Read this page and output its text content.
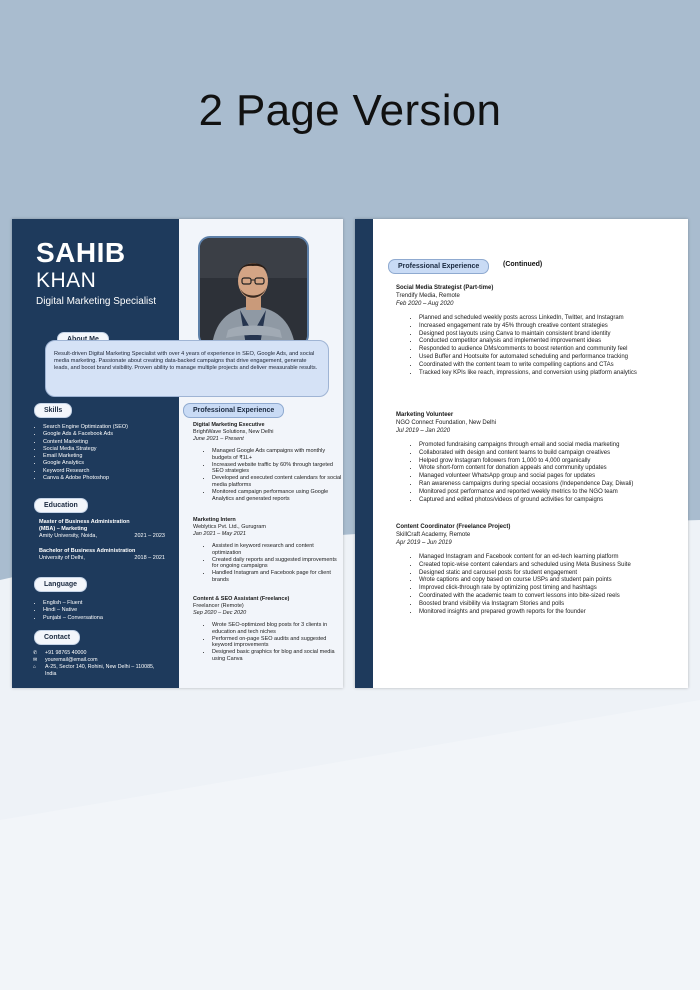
2 Page Version
SAHIB
KHAN
Digital Marketing Specialist

Result-driven Digital Marketing Specialist with over 4 years of experience in SEO, Google Ads, and social media marketing. Passionate about creating data-backed campaigns that drive engagement, generate leads, and boost brand visibility. Proven ability to manage multiple projects and deliver measurable results.

Skills
• Search Engine Optimization (SEO)
• Google Ads & Facebook Ads
• Content Marketing
• Social Media Strategy
• Email Marketing
• Google Analytics
• Keyword Research
• Canva & Adobe Photoshop
Education
Master of Business Administration
(MBA) – Marketing
Amity University, Noida,	2021 – 2023
Bachelor of Business Administration
University of Delhi,	2018 – 2021
Language
• English – Fluent
• Hindi – Native
• Punjabi – Conversationa
Contact
✆	+91 98765 40000
✉	youremail@email.com
⌂	A-25, Sector 140, Rohini, New Delhi – 110085,
India
Professional Experience
Digital Marketing Executive
BrightWave Solutions, New Delhi
June 2021 – Present
• Managed Google Ads campaigns with monthly budgets of ₹1L+
• Increased website traffic by 60% through targeted SEO strategies
• Developed and executed content calendars for social media platforms
• Monitored campaign performance using Google Analytics and generated reports
Marketing Intern
Weblytics Pvt. Ltd., Gurugram
Jan 2021 – May 2021
• Assisted in keyword research and content optimization
• Created daily reports and suggested improvements for ongoing campaigns
• Handled Instagram and Facebook page for client brands
Content & SEO Assistant (Freelance)
Freelancer (Remote)
Sep 2020 – Dec 2020
• Wrote SEO-optimized blog posts for 3 clients in education and tech niches
• Performed on-page SEO audits and suggested keyword improvements
• Designed basic graphics for blog and social media using Canva
Professional Experience	(Continued)
Social Media Strategist (Part-time)
Trendify Media, Remote
Feb 2020 – Aug 2020
• Planned and scheduled weekly posts across LinkedIn, Twitter, and Instagram
• Increased engagement rate by 45% through creative content strategies
• Designed post layouts using Canva to maintain consistent brand identity
• Conducted competitor analysis and implemented improvement ideas
• Responded to audience DMs/comments to boost retention and community feel
• Used Buffer and Hootsuite for automated scheduling and performance tracking
• Coordinated with the content team to write compelling captions and CTAs
• Tracked key KPIs like reach, impressions, and conversion using platform analytics
Marketing Volunteer
NGO Connect Foundation, New Delhi
Jul 2019 – Jan 2020
• Promoted fundraising campaigns through email and social media marketing
• Collaborated with design and content teams to build campaign creatives
• Helped grow Instagram followers from 1,000 to 4,000 organically
• Wrote short-form content for donation appeals and community updates
• Managed volunteer WhatsApp group and social pages for updates
• Ran awareness campaigns during special occasions (Independence Day, Diwali)
• Monitored post performance and reported weekly metrics to the NGO team
• Captured and edited photos/videos of ground activities for campaigns
Content Coordinator (Freelance Project)
SkillCraft Academy, Remote
Apr 2019 – Jun 2019
• Managed Instagram and Facebook content for an ed-tech learning platform
• Created topic-wise content calendars and scheduled using Meta Business Suite
• Designed static and carousel posts for student engagement
• Wrote captions and copy based on course USPs and student pain points
• Improved click-through rate by optimizing post timing and hashtags
• Coordinated with the academic team to convert lessons into bite-sized reels
• Boosted brand visibility via Instagram Stories and polls
• Monitored insights and prepared growth reports for the founder
